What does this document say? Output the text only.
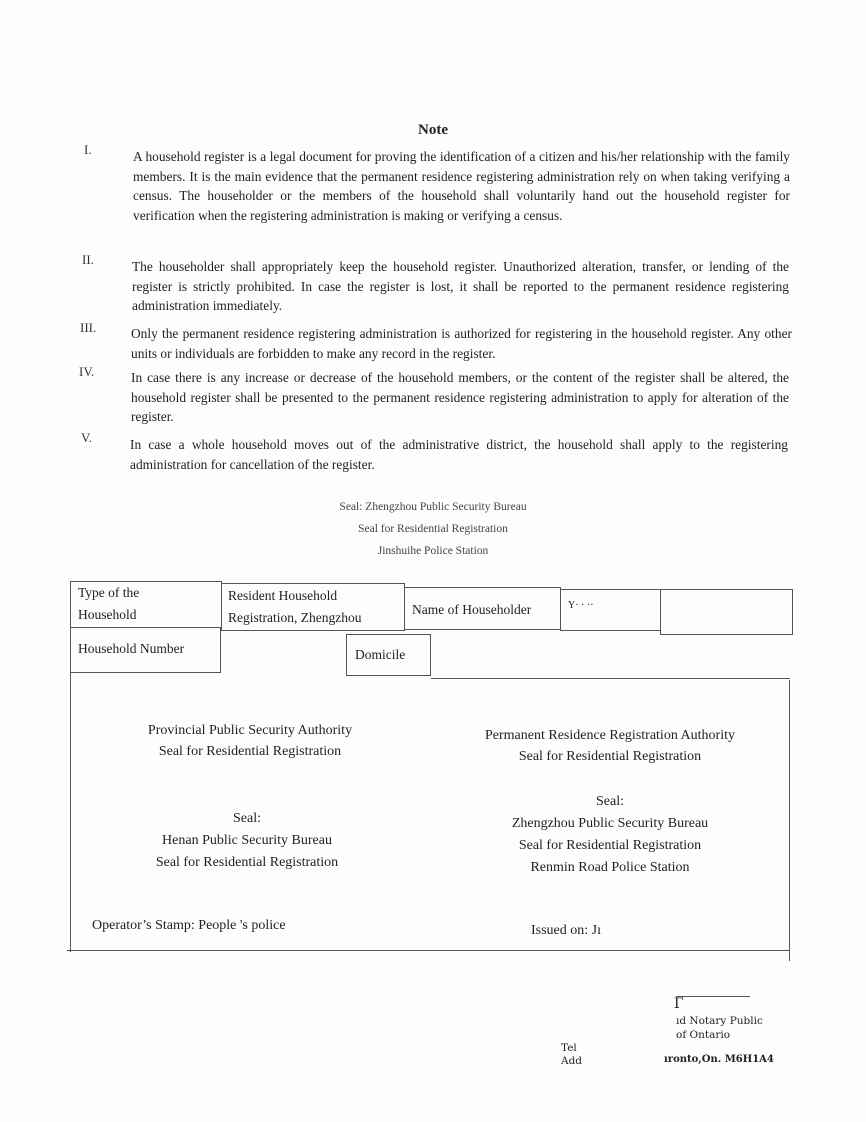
Note
I.	A household register is a legal document for proving the identification of a citizen and his/her relationship with the family members. It is the main evidence that the permanent residence registering administration rely on when taking verifying a census. The householder or the members of the household shall voluntarily hand out the household register for verification when the registering administration is making or verifying a census.
II.	The householder shall appropriately keep the household register. Unauthorized alteration, transfer, or lending of the register is strictly prohibited. In case the register is lost, it shall be reported to the permanent residence registering administration immediately.
III.	Only the permanent residence registering administration is authorized for registering in the household register. Any other units or individuals are forbidden to make any record in the register.
IV.	In case there is any increase or decrease of the household members, or the content of the register shall be altered, the household register shall be presented to the permanent residence registering administration to apply for alteration of the register.
V.	In case a whole household moves out of the administrative district, the household shall apply to the registering administration for cancellation of the register.
Seal: Zhengzhou Public Security Bureau
Seal for Residential Registration
Jinshuihe Police Station
Type of the
Household
Resident Household
Registration, Zhengzhou
Name of Householder	Y· · ··
Household Number	Domicile
Provincial Public Security Authority
Seal for Residential Registration
Permanent Residence Registration Authority
Seal for Residential Registration
Seal:
Henan Public Security Bureau
Seal for Residential Registration
Seal:
Zhengzhou Public Security Bureau
Seal for Residential Registration
Renmin Road Police Station
Operator’s Stamp: People 's police	Issued on: Jı
Γ
ıd Notary Public
of Ontario
Tel
Add	ıronto,On. M6H1A4
